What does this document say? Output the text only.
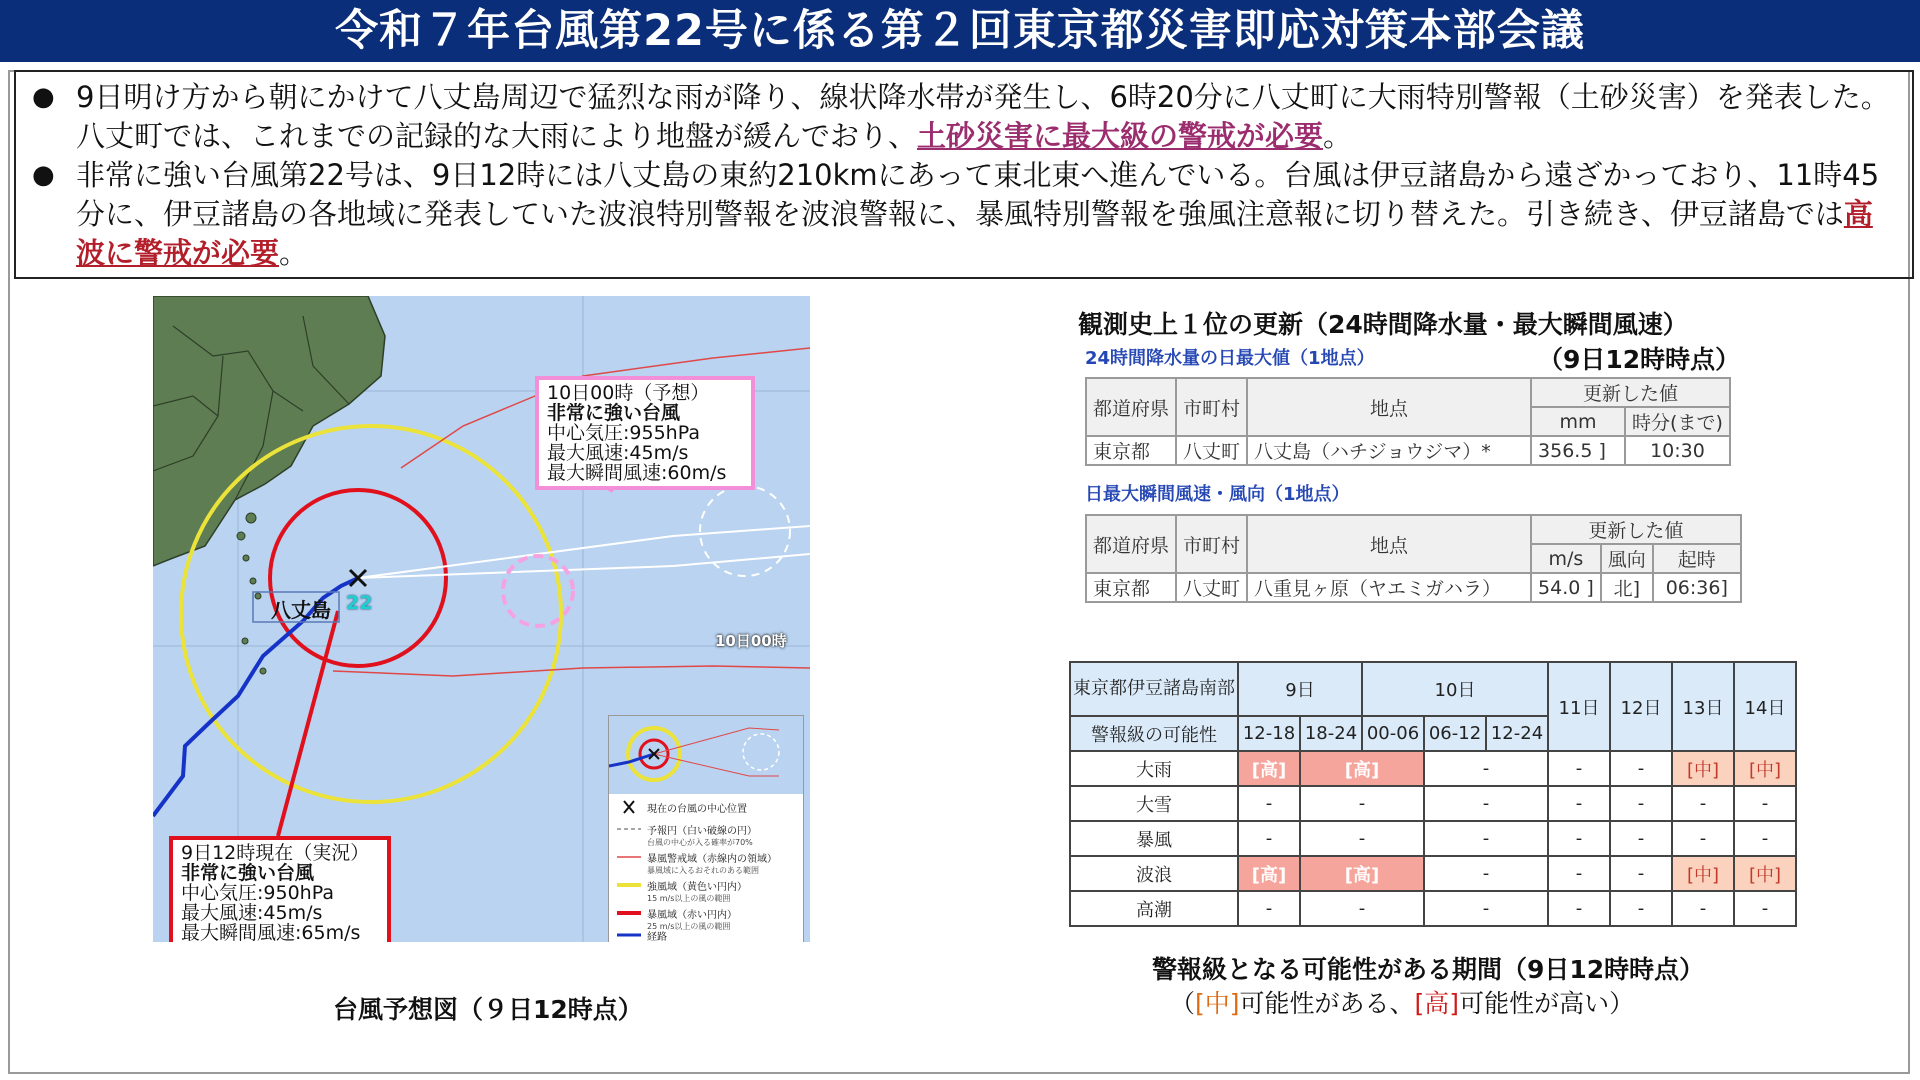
令和７年台風第22号に係る第２回東京都災害即応対策本部会議

● 9日明け方から朝にかけて八丈島周辺で猛烈な雨が降り、線状降水帯が発生し、6時20分に八丈町に大雨特別警報（土砂災害）を発表した。八丈町では、これまでの記録的な大雨により地盤が緩んでおり、土砂災害に最大級の警戒が必要。

● 非常に強い台風第22号は、9日12時には八丈島の東約210kmにあって東北東へ進んでいる。台風は伊豆諸島から遠ざかっており、11時45分に、伊豆諸島の各地域に発表していた波浪特別警報を波浪警報に、暴風特別警報を強風注意報に切り替えた。引き続き、伊豆諸島では高波に警戒が必要。

八丈島 22
10日00時
10日00時（予想）
非常に強い台風
中心気圧:955hPa
最大風速:45m/s
最大瞬間風速:60m/s
9日12時現在（実況）
非常に強い台風
中心気圧:950hPa
最大風速:45m/s
最大瞬間風速:65m/s
現在の台風の中心位置
予報円（白い破線の円）
台風の中心が入る確率が70%
暴風警戒域（赤線内の領域）
暴風域に入るおそれのある範囲
強風域（黄色い円内）
15 m/s以上の風の範囲
暴風域（赤い円内）
25 m/s以上の風の範囲
経路
台風予想図（９日12時点）
観測史上１位の更新（24時間降水量・最大瞬間風速）
（9日12時時点）
24時間降水量の日最大値（1地点）
都道府県	市町村	地点	更新した値	
			mm	時分(まで)
東京都	八丈町	八丈島（ハチジョウジマ）*	356.5 ]	10:30
日最大瞬間風速・風向（1地点）
都道府県	市町村	地点	更新した値		
			m/s	風向	起時
東京都	八丈町	八重見ヶ原（ヤエミガハラ）	54.0 ]	北]	06:36]
東京都伊豆諸島南部	9日		10日			11日	12日	13日	14日
警報級の可能性	12-18	18-24	00-06	06-12	12-24				
大雨	[高]	[高]		-		-	-	[中]	[中]
大雪	-	-		-		-	-	-	-
暴風	-	-		-		-	-	-	-
波浪	[高]	[高]		-		-	-	[中]	[中]
高潮	-	-		-		-	-	-	-
警報級となる可能性がある期間（9日12時時点）
（[中]可能性がある、[高]可能性が高い）
